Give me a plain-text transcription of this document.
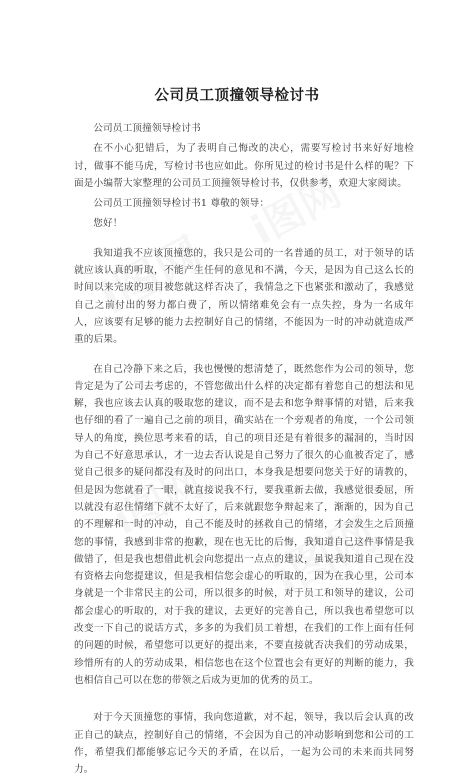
公司员工顶撞领导检讨书

公司员工顶撞领导检讨书

在不小心犯错后，为了表明自己悔改的决心，需要写检讨书来好好地检讨，做事不能马虎，写检讨书也应如此。你所见过的检讨书是什么样的呢？下面是小编帮大家整理的公司员工顶撞领导检讨书，仅供参考，欢迎大家阅读。

公司员工顶撞领导检讨书1 尊敬的领导：

您好！

我知道我不应该顶撞您的，我只是公司的一名普通的员工，对于领导的话就应该认真的听取，不能产生任何的意见和不满，今天，是因为自己这么长的时间以来完成的项目被您就这样否决了，我情急之下也紧张和激动了，我感觉自己之前付出的努力都白费了，所以情绪难免会有一点失控，身为一名成年人，应该要有足够的能力去控制好自己的情绪，不能因为一时的冲动就造成严重的后果。

在自己冷静下来之后，我也慢慢的想清楚了，既然您作为公司的领导，您肯定是为了公司去考虑的，不管您做出什么样的决定都有着您自己的想法和见解，我也应该去认真的吸取您的建议，而不是去和您争辩事情的对错，后来我也仔细的看了一遍自己之前的项目，确实站在一个旁观者的角度，一个公司领导人的角度，换位思考来看的话，自己的项目还是有着很多的漏洞的，当时因为自己不好意思承认，才一边去否认说是自己努力了很久的心血被否定了，感觉自己很多的疑问都没有及时的问出口，本身我是想要问您关于好的请教的，但是因为您就看了一眼，就直接说我不行，要我重新去做，我感觉很委屈，所以就没有忍住情绪下就不太好了，后来就跟您争辩起来了，渐渐的，因为自己的不理解和一时的冲动，自己不能及时的拯救自己的情绪，才会发生之后顶撞您的事情，我感到非常的抱歉，现在也无比的后悔，我知道自己这件事情是我做错了，但是我也想借此机会向您提出一点点的建议，虽说我知道自己现在没有资格去向您提建议，但是我相信您会虚心的听取的，因为在我心里，公司本身就是一个非常民主的公司，所以很多的时候，对于员工和领导的建议，公司都会虚心的听取的，对于我的建议，去更好的完善自己，所以我也希望您可以改变一下自己的说话方式，多多的为我们员工着想，在我们的工作上面有任何的问题的时候，希望您可以更好的提出来，不要直接就否决我们的劳动成果，珍惜所有的人的劳动成果，相信您也在这个位置也会有更好的判断的能力，我也相信自己可以在您的带领之后成为更加的优秀的员工。

对于今天顶撞您的事情，我向您道歉，对不起，领导，我以后会认真的改正自己的缺点，控制好自己的情绪，不会因为自己的冲动影响到您和公司的工作，希望我们都能够忘记今天的矛盾，在以后，一起为公司的未来而共同努力。
